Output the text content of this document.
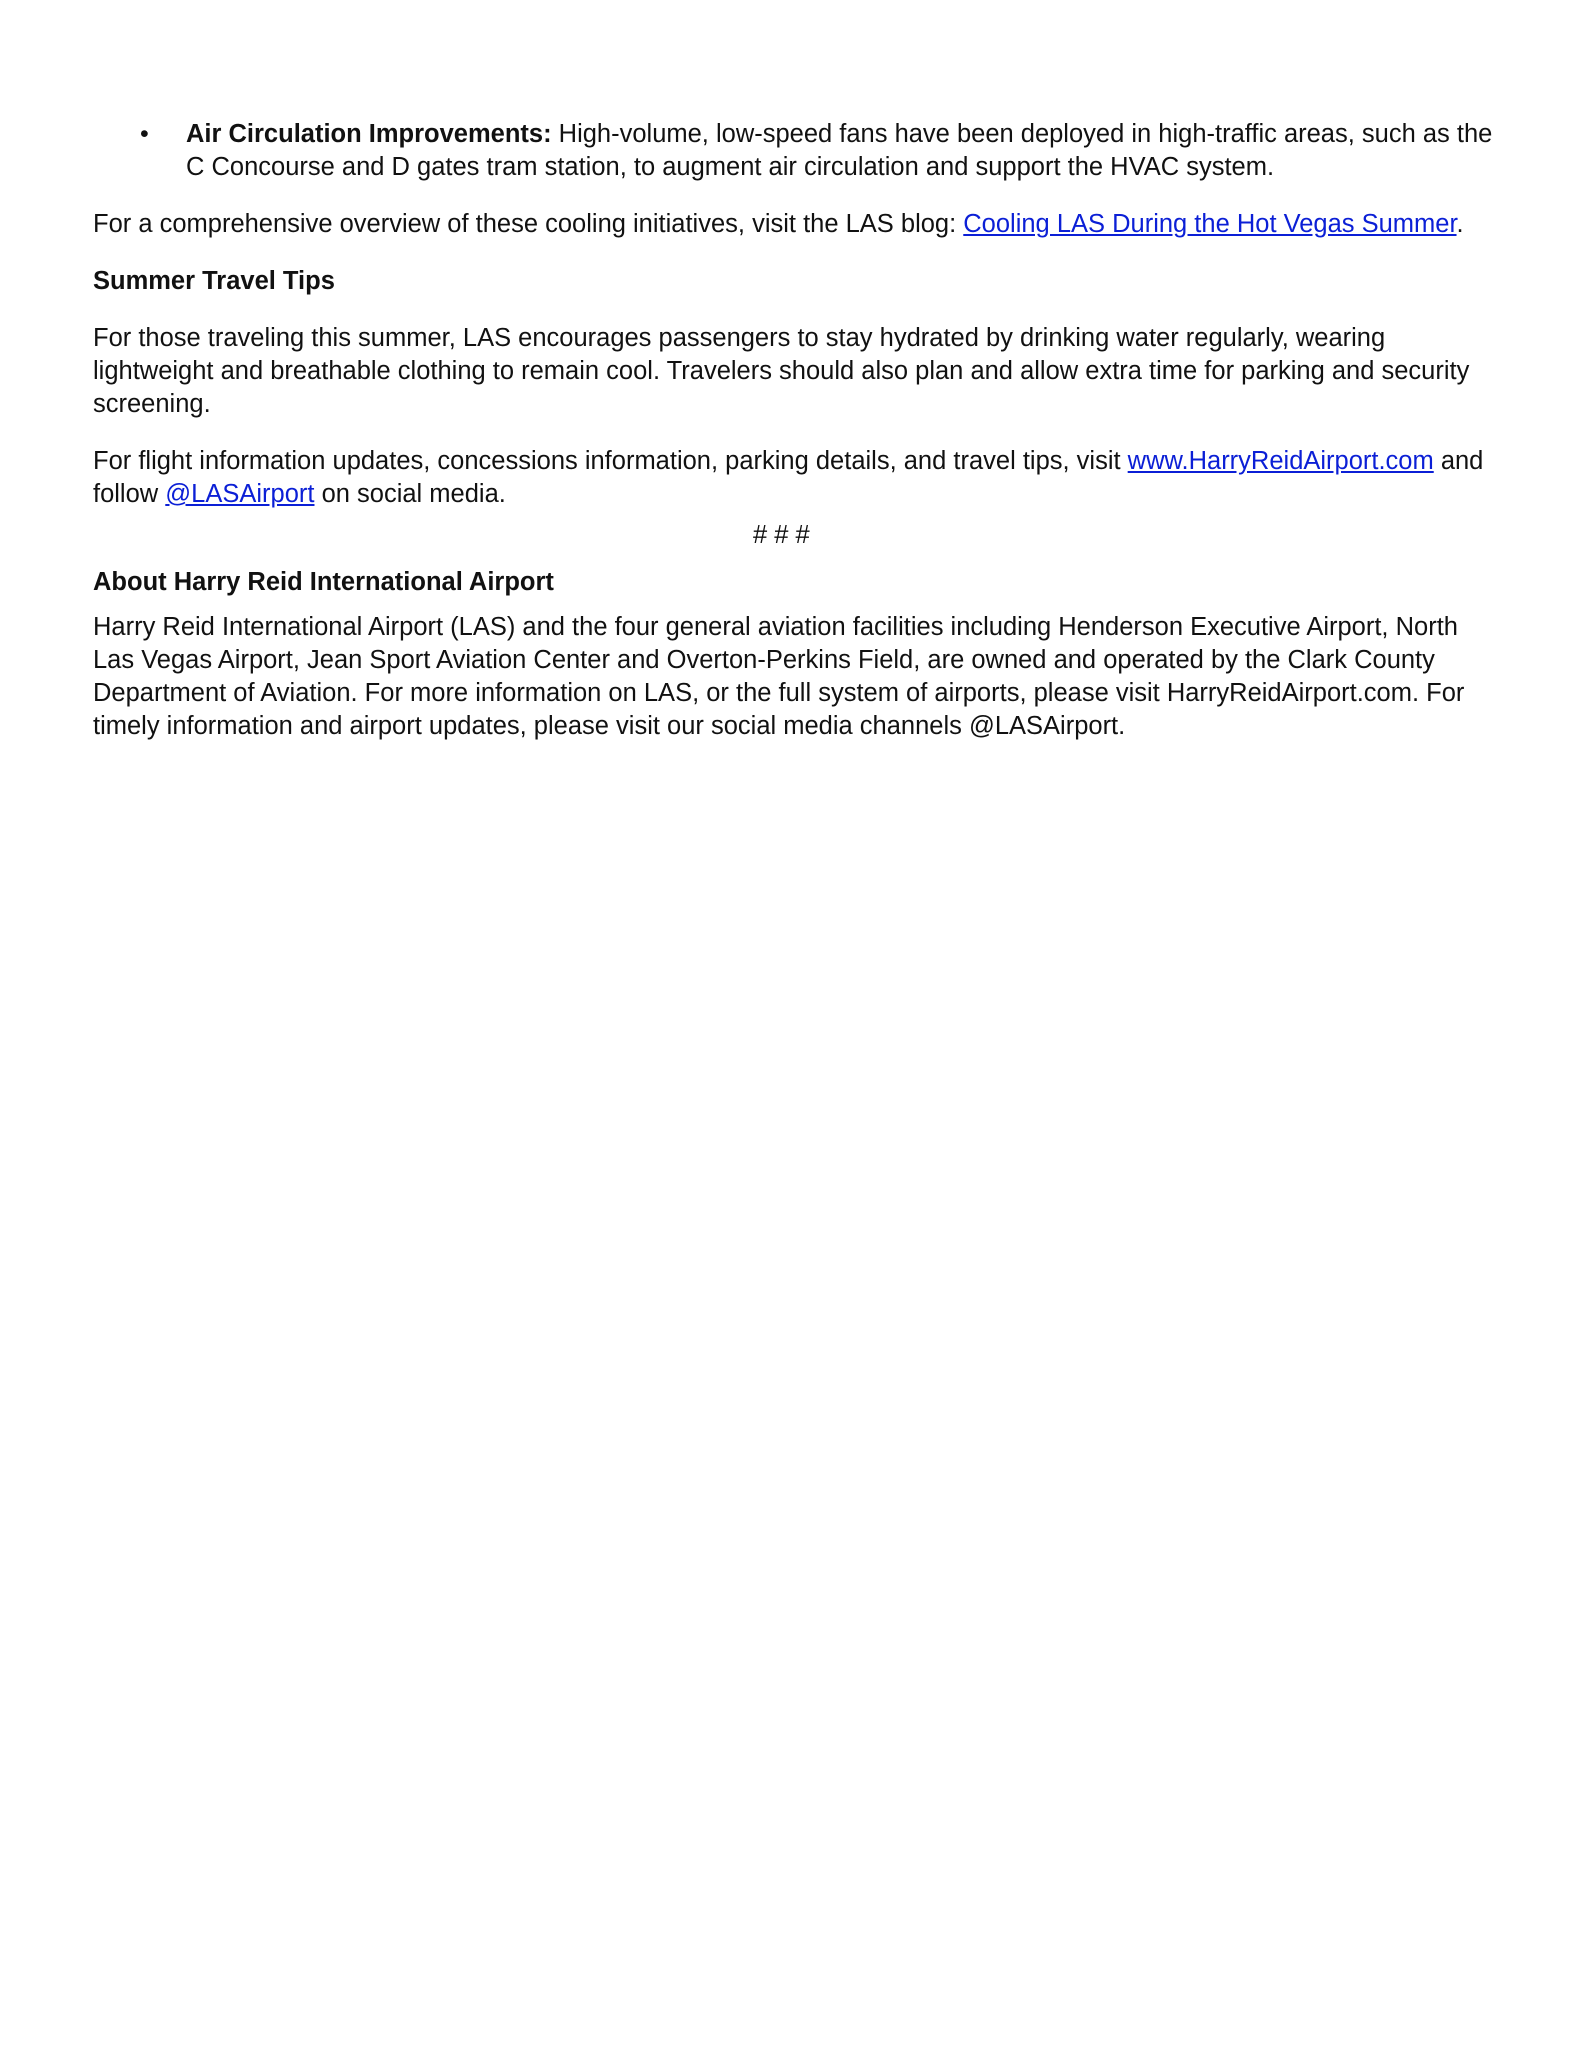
• Air Circulation Improvements: High-volume, low-speed fans have been deployed in high-traffic areas, such as the C Concourse and D gates tram station, to augment air circulation and support the HVAC system.

For a comprehensive overview of these cooling initiatives, visit the LAS blog: Cooling LAS During the Hot Vegas Summer.

Summer Travel Tips

For those traveling this summer, LAS encourages passengers to stay hydrated by drinking water regularly, wearing lightweight and breathable clothing to remain cool. Travelers should also plan and allow extra time for parking and security screening.

For flight information updates, concessions information, parking details, and travel tips, visit www.HarryReidAirport.com and follow @LASAirport on social media.

# # #
About Harry Reid International Airport

Harry Reid International Airport (LAS) and the four general aviation facilities including Henderson Executive Airport, North Las Vegas Airport, Jean Sport Aviation Center and Overton-Perkins Field, are owned and operated by the Clark County Department of Aviation. For more information on LAS, or the full system of airports, please visit HarryReidAirport.com. For timely information and airport updates, please visit our social media channels @LASAirport.
